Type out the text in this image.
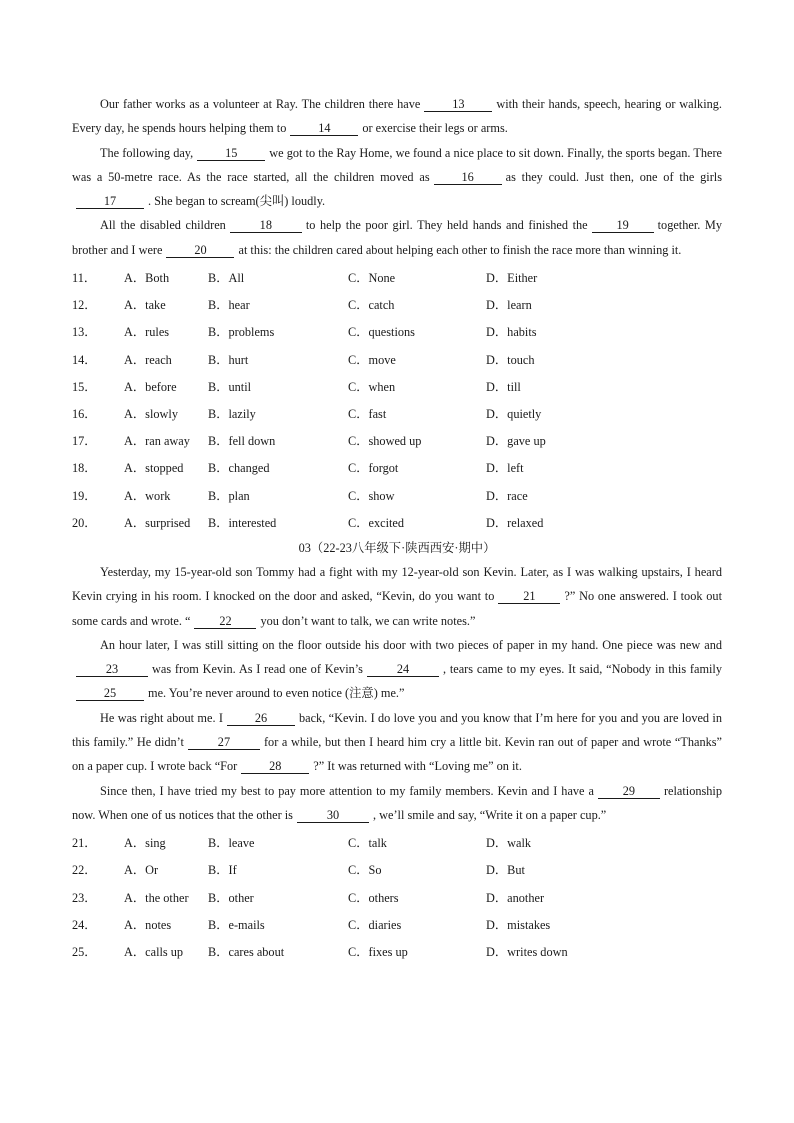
Our father works as a volunteer at Ray. The children there have	13	with their hands, speech, hearing or walking. Every day, he spends hours helping them to	14	or exercise their legs or arms.

The following day,	15	we got to the Ray Home, we found a nice place to sit down. Finally, the sports began. There was a 50-metre race. As the race started, all the children moved as	16	as they could. Just then, one of the girls17	. She began to scream(尖叫) loudly.

All the disabled children	18	to help the poor girl. They held hands and finished the 19 together. My brother and I were	20	at this: the children cared about helping each other to finish the race more than winning it.

11． A．Both	B．All	C．None	D．Either
12． A．take	B．hear	C．catch	D．learn
13． A．rules	B．problems	C．questions	D．habits
14． A．reach	B．hurt	C．move	D．touch
15． A．before	B．until	C．when	D．till
16． A．slowly B．lazily	C．fast	D．quietly
17． A．ran away B．fell down	C．showed up	D．gave up
18． A．stopped B．changed	C．forgot	D．left
19． A．work	B．plan	C．show	D．race
20． A．surprised B．interested	C．excited	D．relaxed

03（22-23八年级下·陕西西安·期中）

Yesterday, my 15-year-old son Tommy had a fight with my 12-year-old son Kevin. Later, as I was walking upstairs, I heard Kevin crying in his room. I knocked on the door and asked, “Kevin, do you want to 21 ?” No one answered. I took out some cards and wrote. “ 22 you don’t want to talk, we can write notes.”

An hour later, I was still sitting on the floor outside his door with two pieces of paper in my hand. One piece was new and23	was from Kevin. As I read one of Kevin’s	24	, tears came to my eyes. It said, “Nobody in this family25	me. You’re never around to even notice (注意) me.”

He was right about me. I	26	back, “Kevin. I do love you and you know that I’m here for you and you are loved in this family.” He didn’t	27	for a while, but then I heard him cry a little bit. Kevin ran out of paper and wrote “Thanks” on a paper cup. I wrote back “For	28	?” It was returned with “Loving me” on it.

Since then, I have tried my best to pay more attention to my family members. Kevin and I have a 29 relationship now. When one of us notices that the other is	30	, we’ll smile and say, “Write it on a paper cup.”

21． A．sing	B．leave	C．talk	D．walk
22． A．Or	B．If	C．So	D．But
23． A．the other B．other	C．others	D．another
24． A．notes	B．e-mails	C．diaries	D．mistakes
25． A．calls up B．cares about	C．fixes up	D．writes down
